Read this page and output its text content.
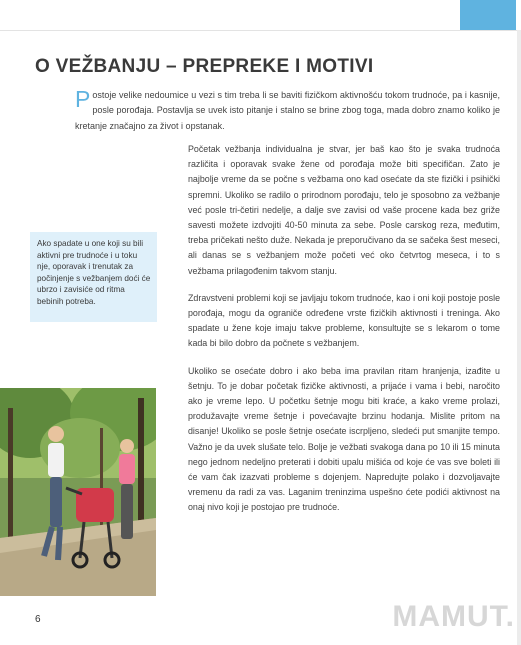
O VEŽBANJU – PREPREKE I MOTIVI
Postoje velike nedoumice u vezi s tim treba li se baviti fizičkom aktivnošću tokom trudnoće, pa i kasnije, posle porođaja. Postavlja se uvek isto pitanje i stalno se brine zbog toga, mada dobro znamo koliko je kretanje značajno za život i opstanak.
Ako spadate u one koji su bili aktivni pre trudnoće i u toku nje, oporavak i trenutak za počinjenje s vežbanjem doći će ubrzo i zavisiće od ritma bebinih potreba.

Početak vežbanja individualna je stvar, jer baš kao što je svaka trudnoća različita i oporavak svake žene od porođaja može biti specifičan. Zato je najbolje vreme da se počne s vežbama ono kad osećate da ste fizički i psihički spremni. Ukoliko se radilo o prirodnom porođaju, telo je sposobno za vežbanje već posle tri-četiri nedelje, a dalje sve zavisi od vaše procene kada bez griže savesti možete izdvojiti 40-50 minuta za sebe. Posle carskog reza, međutim, treba pričekati nešto duže. Nekada je preporučivano da se sačeka šest meseci, ali danas se s vežbanjem može početi već oko četvrtog meseca, i to s vežbama prilagođenim takvom stanju.

Zdravstveni problemi koji se javljaju tokom trudnoće, kao i oni koji postoje posle porođaja, mogu da ograniče određene vrste fizičkih aktivnosti i treninga. Ako spadate u žene koje imaju takve probleme, konsultujte se s lekarom o tome kada bi bilo dobro da počnete s vežbanjem.

Ukoliko se osećate dobro i ako beba ima pravilan ritam hranjenja, izađite u šetnju. To je dobar početak fizičke aktivnosti, a prijaće i vama i bebi, naročito ako je vreme lepo. U početku šetnje mogu biti kraće, a kako vreme prolazi, produžavajte vreme šetnje i povećavajte brzinu hodanja. Mislite pritom na disanje! Ukoliko se posle šetnje osećate iscrpljeno, sledeći put smanjite tempo. Važno je da uvek slušate telo. Bolje je vežbati svakoga dana po 10 ili 15 minuta nego jednom nedeljno preterati i dobiti upalu mišića od koje će vas sve boleti ili će vam čak izazvati probleme s dojenjem. Napredujte polako i dozvoljavajte vremenu da radi za vas. Laganim treninzima uspešno ćete podići aktivnost na onaj nivo koji je postojao pre trudnoće.

6	MAMUT.
